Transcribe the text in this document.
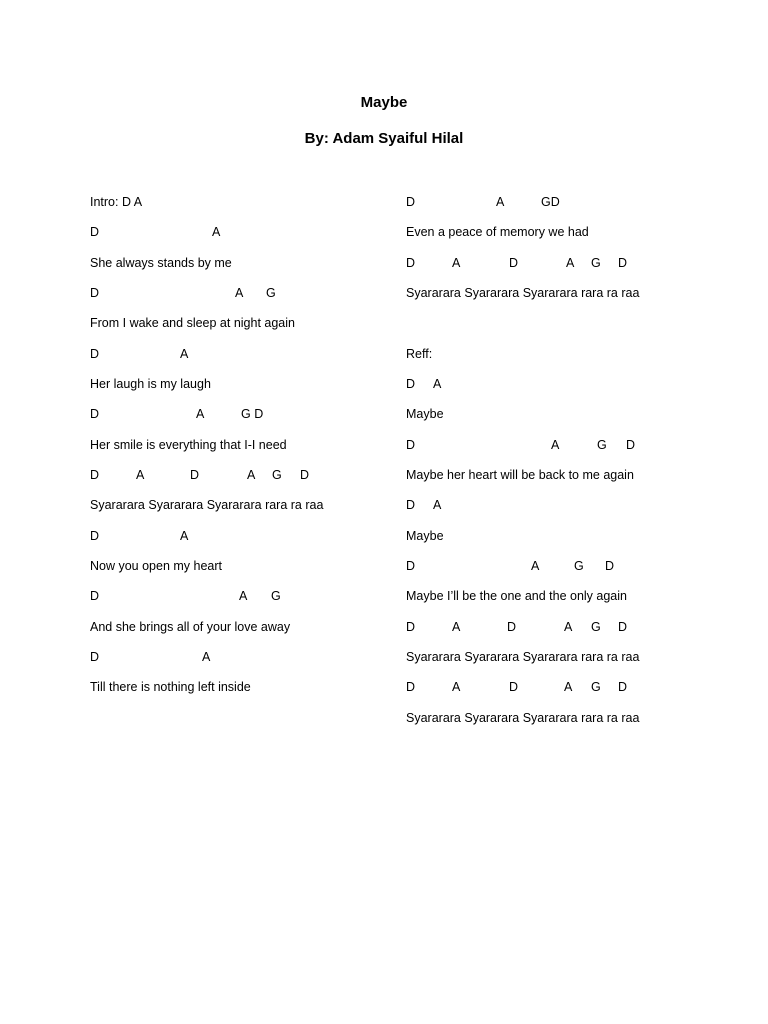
Maybe
By: Adam Syaiful Hilal
Intro: D A
D	A
She always stands by me
D	A G
From I wake and sleep at night again
D	A
Her laugh is my laugh
D	A	G D
Her smile is everything that I-I need
D	A	D	A G D
Syararara Syararara Syararara rara ra raa
D	A
Now you open my heart
D	A G
And she brings all of your love away
D	A
Till there is nothing left inside
D	A	GD
Even a peace of memory we had
D	A	D	A G D
Syararara Syararara Syararara rara ra raa
Reff:
D A
Maybe
D	A	G D
Maybe her heart will be back to me again
D A
Maybe
D	A	G D
Maybe I’ll be the one and the only again
D	A	D	A G D
Syararara Syararara Syararara rara ra raa
D	A	D	A G D
Syararara Syararara Syararara rara ra raa
